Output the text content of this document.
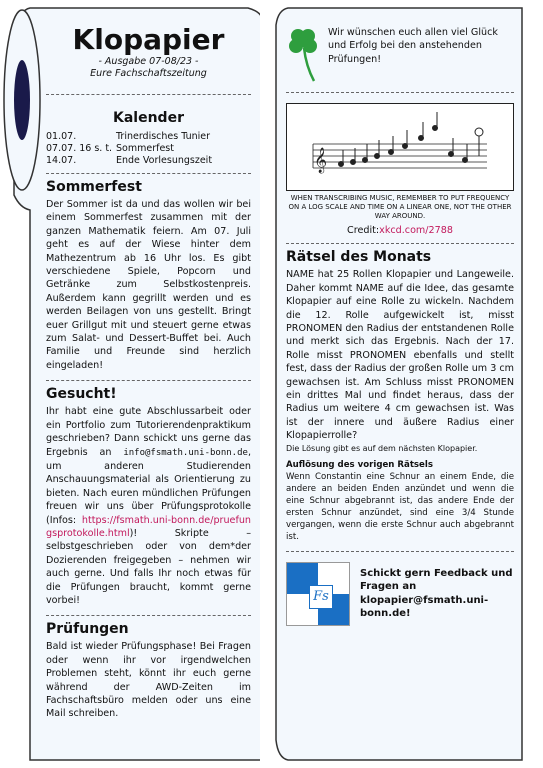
Klopapier
- Ausgabe 07-08/23 -
Eure Fachschaftszeitung
Kalender
01.07.	Trinerdisches Tunier
07.07. 16 s. t. Sommerfest
14.07.	Ende Vorlesungszeit
Sommerfest

Der Sommer ist da und das wollen wir bei einem Sommerfest zusammen mit der ganzen Mathematik feiern. Am 07. Juli geht es auf der Wiese hinter dem Mathezentrum ab 16 Uhr los. Es gibt verschiedene Spiele, Popcorn und Getränke zum Selbstkostenpreis. Außerdem kann gegrillt werden und es werden Beilagen von uns gestellt. Bringt euer Grillgut mit und steuert gerne etwas zum Salat- und Dessert-Buffet bei. Auch Familie und Freunde sind herzlich eingeladen!

Gesucht!

Ihr habt eine gute Abschlussarbeit oder ein Portfolio zum Tutorierendenpraktikum geschrieben? Dann schickt uns gerne das Ergebnis an info@fsmath.uni-bonn.de, um anderen Studierenden Anschauungsmaterial als Orientierung zu bieten. Nach euren mündlichen Prüfungen freuen wir uns über Prüfungsprotokolle (Infos: https://fsmath.uni-bonn.de/pruefungsprotokolle.html)! Skripte – selbstgeschrieben oder von dem*der Dozierenden freigegeben – nehmen wir auch gerne. Und falls Ihr noch etwas für die Prüfungen braucht, kommt gerne vorbei!

Prüfungen

Bald ist wieder Prüfungsphase! Bei Fragen oder wenn ihr vor irgendwelchen Problemen steht, könnt ihr euch gerne während der AWD-Zeiten im Fachschaftsbüro melden oder uns eine Mail schreiben.

Wir wünschen euch allen viel Glück und Erfolg bei den anstehenden Prüfungen!

𝄞
WHEN TRANSCRIBING MUSIC, REMEMBER TO PUT FREQUENCY ON A LOG SCALE AND TIME ON A LINEAR ONE, NOT THE OTHER WAY AROUND.
Credit:xkcd.com/2788
Rätsel des Monats

NAME hat 25 Rollen Klopapier und Langeweile. Daher kommt NAME auf die Idee, das gesamte Klopapier auf eine Rolle zu wickeln. Nachdem die 12. Rolle aufgewickelt ist, misst PRONOMEN den Radius der entstandenen Rolle und merkt sich das Ergebnis. Nach der 17. Rolle misst PRONOMEN ebenfalls und stellt fest, dass der Radius der großen Rolle um 3 cm gewachsen ist. Am Schluss misst PRONOMEN ein drittes Mal und findet heraus, dass der Radius um weitere 4 cm gewachsen ist. Was ist der innere und äußere Radius einer Klopapierrolle?

Die Lösung gibt es auf dem nächsten Klopapier.

Auflösung des vorigen Rätsels

Wenn Constantin eine Schnur an einem Ende, die andere an beiden Enden anzündet und wenn die eine Schnur abgebrannt ist, das andere Ende der ersten Schnur anzündet, sind eine 3/4 Stunde vergangen, wenn die erste Schnur auch abgebrannt ist.

Fs

Schickt gern Feedback und Fragen an klopapier@fsmath.uni-bonn.de!
